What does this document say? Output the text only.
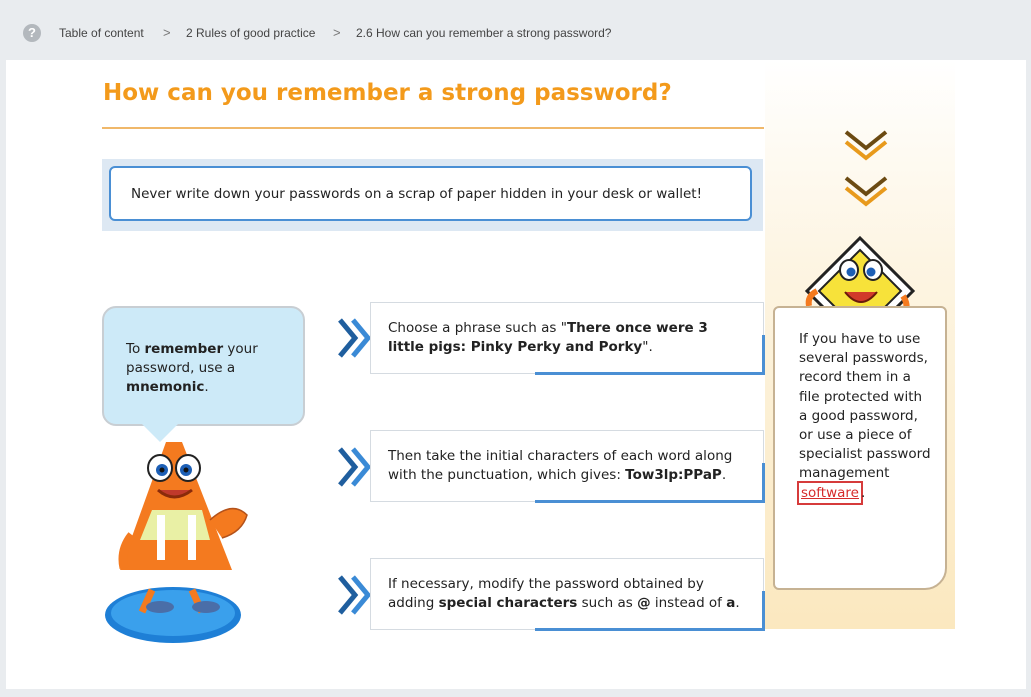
?	Table of content > 2 Rules of good practice > 2.6 How can you remember a strong password?
How can you remember a strong password?
Never write down your passwords on a scrap of paper hidden in your desk or wallet!
To remember your password, use a mnemonic.
Choose a phrase such as "There once were 3 little pigs: Pinky Perky and Porky".
Then take the initial characters of each word along with the punctuation, which gives: Tow3lp:PPaP.
If necessary, modify the password obtained by adding special characters such as @ instead of a.
If you have to use several passwords, record them in a file protected with a good password, or use a piece of specialist password management software .
